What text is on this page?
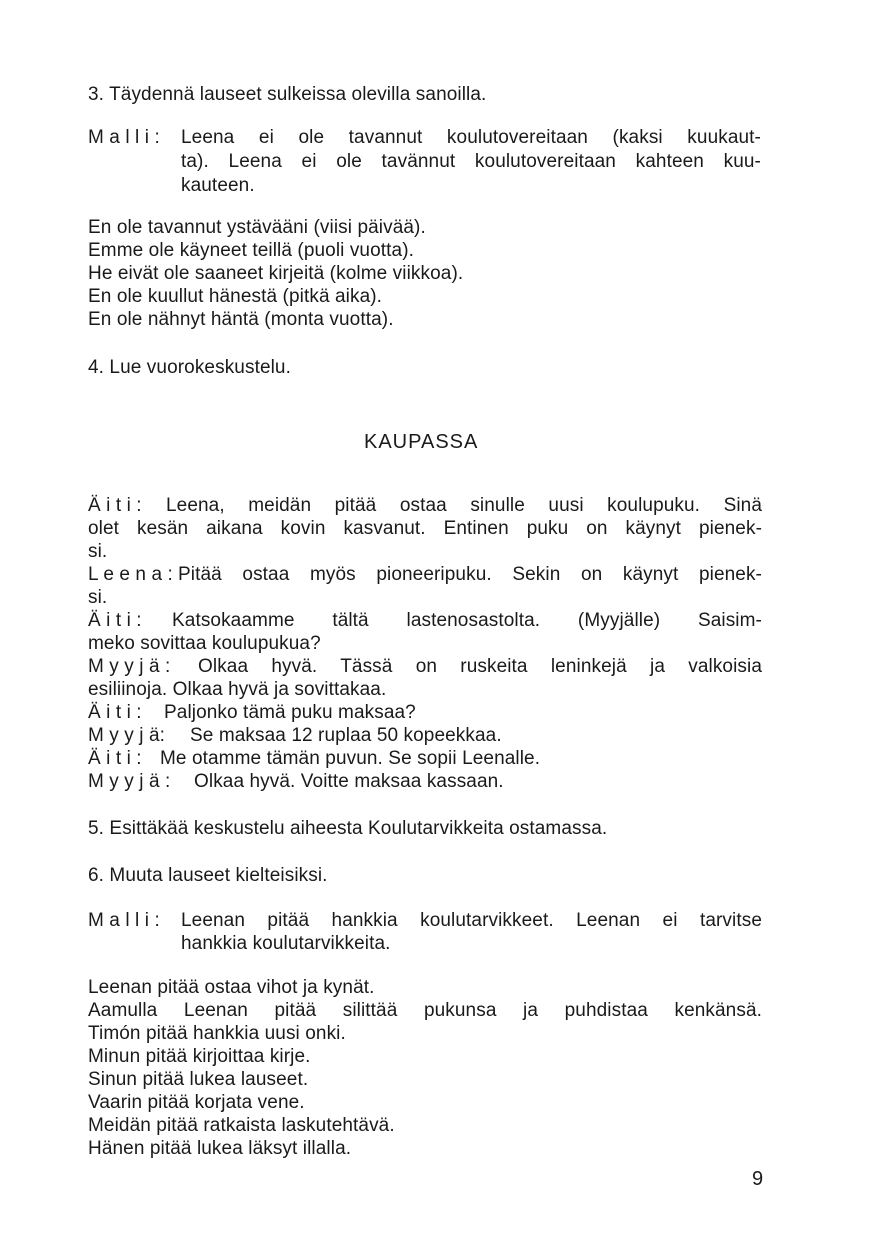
3. Täydennä lauseet sulkeissa olevilla sanoilla.
M a l l i : Leena ei ole tavannut koulutovereitaan (kaksi kuukaut-
ta). Leena ei ole tavännut koulutovereitaan kahteen kuu-
kauteen.
En ole tavannut ystävääni (viisi päivää).
Emme ole käyneet teillä (puoli vuotta).
He eivät ole saaneet kirjeitä (kolme viikkoa).
En ole kuullut hänestä (pitkä aika).
En ole nähnyt häntä (monta vuotta).
4. Lue vuorokeskustelu.
KAUPASSA
Ä i t i : Leena, meidän pitää ostaa sinulle uusi koulupuku. Sinä
olet kesän aikana kovin kasvanut. Entinen puku on käynyt pienek-
si.
L e e n a : Pitää ostaa myös pioneeripuku. Sekin on käynyt pienek-
si.
Ä i t i : Katsokaamme tältä lastenosastolta. (Myyjälle) Saisim-
meko sovittaa koulupukua?
M y y j ä : Olkaa hyvä. Tässä on ruskeita leninkejä ja valkoisia
esiliinoja. Olkaa hyvä ja sovittakaa.
Ä i t i : Paljonko tämä puku maksaa?
M y y j ä: Se maksaa 12 ruplaa 50 kopeekkaa.
Ä i t i : Me otamme tämän puvun. Se sopii Leenalle.
M y y j ä : Olkaa hyvä. Voitte maksaa kassaan.
5. Esittäkää keskustelu aiheesta Koulutarvikkeita ostamassa.
6. Muuta lauseet kielteisiksi.
M a l l i : Leenan pitää hankkia koulutarvikkeet. Leenan ei tarvitse
hankkia koulutarvikkeita.
Leenan pitää ostaa vihot ja kynät.
Aamulla Leenan pitää silittää pukunsa ja puhdistaa kenkänsä.
Timón pitää hankkia uusi onki.
Minun pitää kirjoittaa kirje.
Sinun pitää lukea lauseet.
Vaarin pitää korjata vene.
Meidän pitää ratkaista laskutehtävä.
Hänen pitää lukea läksyt illalla.
9
